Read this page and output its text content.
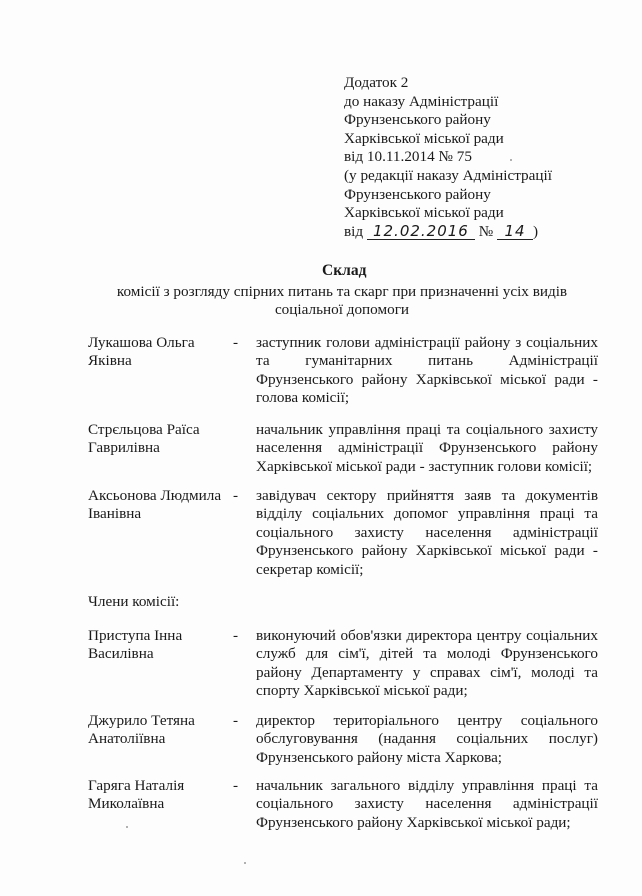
Додаток 2
до наказу Адміністрації
Фрунзенського району
Харківської міської ради
від 10.11.2014 № 75
(у редакції наказу Адміністрації
Фрунзенського району
Харківської міської ради
від 12.02.2016 № 14 )
Склад
комісії з розгляду спірних питань та скарг при призначенні усіх видів соціальної допомоги
Лукашова Ольга Яківна
- заступник голови адміністрації району з соціальних та гуманітарних питань Адміністрації Фрунзенського району Харківської міської ради - голова комісії;
Стрєльцова Раїса Гаврилівна
начальник управління праці та соціального захисту населення адміністрації Фрунзенського району Харківської міської ради - заступник голови комісії;
Аксьонова Людмила Іванівна
- завідувач сектору прийняття заяв та документів відділу соціальних допомог управління праці та соціального захисту населення адміністрації Фрунзенського району Харківської міської ради - секретар комісії;
Члени комісії:
Приступа Інна Василівна
- виконуючий обов'язки директора центру соціальних служб для сім'ї, дітей та молоді Фрунзенського району Департаменту у справах сім'ї, молоді та спорту Харківської міської ради;
Джурило Тетяна Анатоліївна
- директор територіального центру соціального обслуговування (надання соціальних послуг) Фрунзенського району міста Харкова;
Гаряга Наталія Миколаївна
- начальник загального відділу управління праці та соціального захисту населення адміністрації Фрунзенського району Харківської міської ради;
